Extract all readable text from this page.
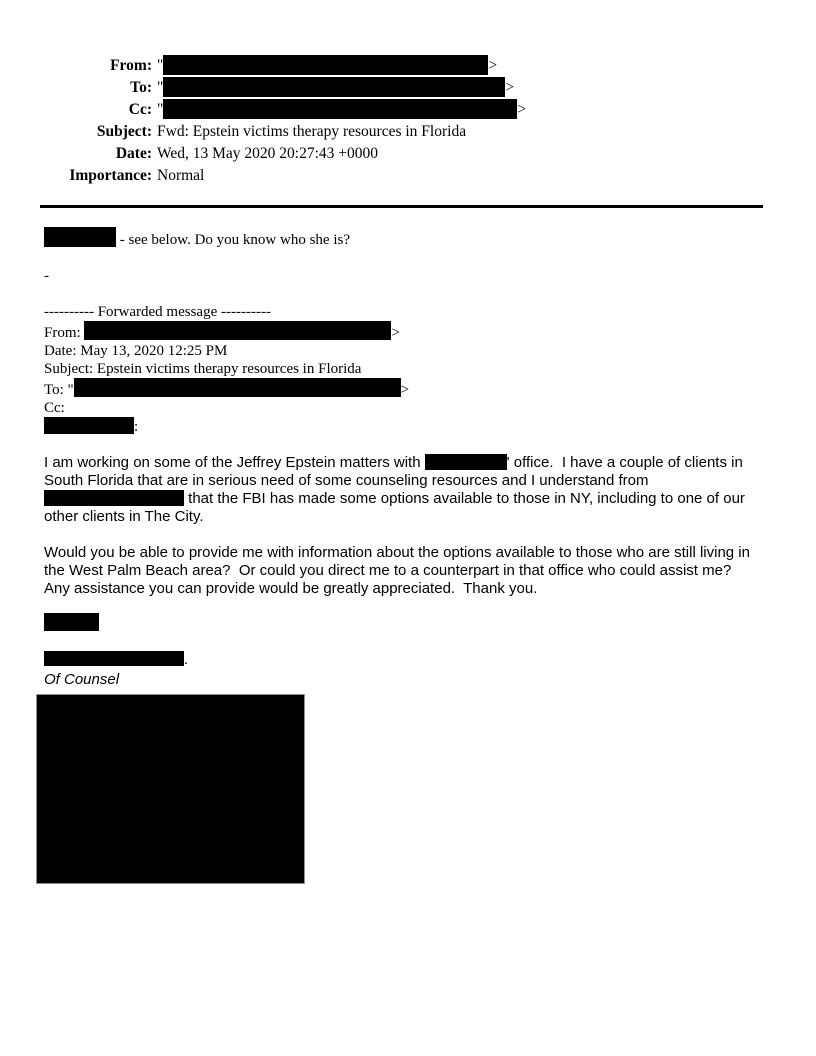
From: "	>
To: "	>
Cc: "	>
Subject: Fwd: Epstein victims therapy resources in Florida
Date: Wed, 13 May 2020 20:27:43 +0000
Importance: Normal
- see below. Do you know who she is?
-
---------- Forwarded message ----------
From:	>
Date: May 13, 2020 12:25 PM
Subject: Epstein victims therapy resources in Florida
To: "	>
Cc:
:
I am working on some of the Jeffrey Epstein matters with	' office.  I have a couple of clients in South Florida that are in serious need of some counseling resources and I understand from  that the FBI has made some options available to those in NY, including to one of our other clients in The City.
Would you be able to provide me with information about the options available to those who are still living in the West Palm Beach area?  Or could you direct me to a counterpart in that office who could assist me?  Any assistance you can provide would be greatly appreciated.  Thank you.
.
Of Counsel
